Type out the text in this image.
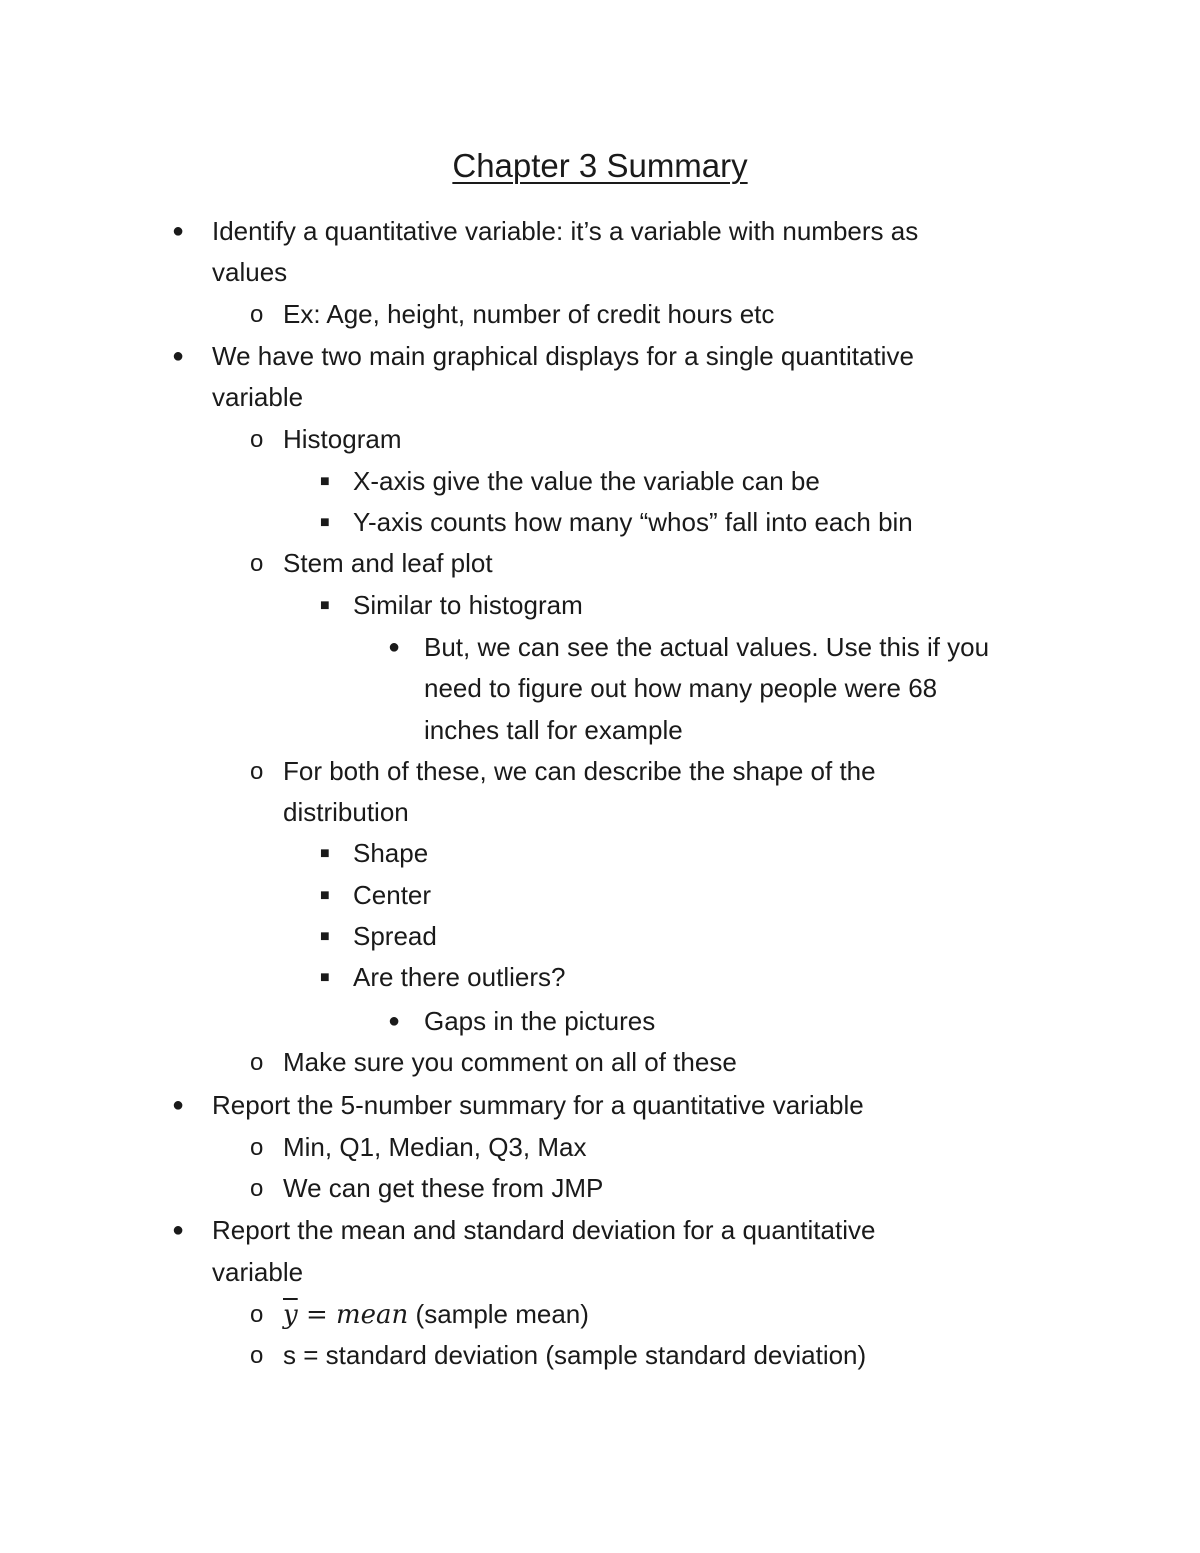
Chapter 3 Summary
● Identify a quantitative variable: it’s a variable with numbers as
values
o Ex: Age, height, number of credit hours etc
● We have two main graphical displays for a single quantitative
variable
o Histogram
■ X-axis give the value the variable can be
■ Y-axis counts how many “whos” fall into each bin
o Stem and leaf plot
■ Similar to histogram
● But, we can see the actual values. Use this if you
need to figure out how many people were 68
inches tall for example
o For both of these, we can describe the shape of the
distribution
■ Shape
■ Center
■ Spread
■ Are there outliers?
● Gaps in the pictures
o Make sure you comment on all of these
● Report the 5-number summary for a quantitative variable
o Min, Q1, Median, Q3, Max
o We can get these from JMP
● Report the mean and standard deviation for a quantitative
variable
o $\overline{y}$ = mean (sample mean)
o s = standard deviation (sample standard deviation)
